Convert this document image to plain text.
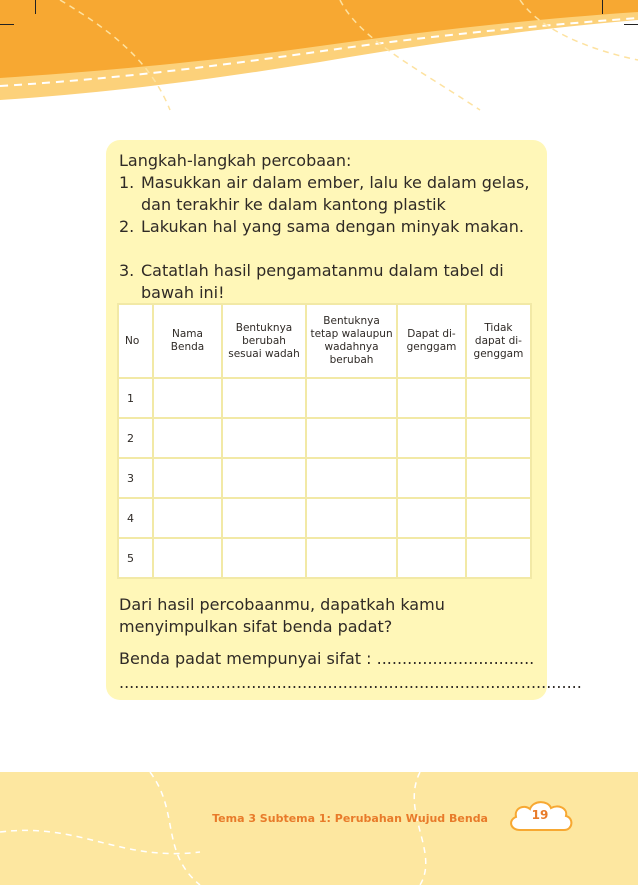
Langkah-langkah percobaan:
1. Masukkan air dalam ember, lalu ke dalam gelas, dan terakhir ke dalam kantong plastik
2. Lakukan hal yang sama dengan minyak makan.
3. Catatlah hasil pengamatanmu dalam tabel di bawah ini!
No	Nama Benda	Bentuknya berubah sesuai wadah	Bentuknya tetap walaupun wadahnya berubah	Dapat di-genggam	Tidak dapat di-genggam
1					
2					
3					
4					
5					
Dari hasil percobaanmu, dapatkah kamu menyimpulkan sifat benda padat?
Benda padat mempunyai sifat : ...............................
...........................................................................................
Tema 3 Subtema 1: Perubahan Wujud Benda	19
